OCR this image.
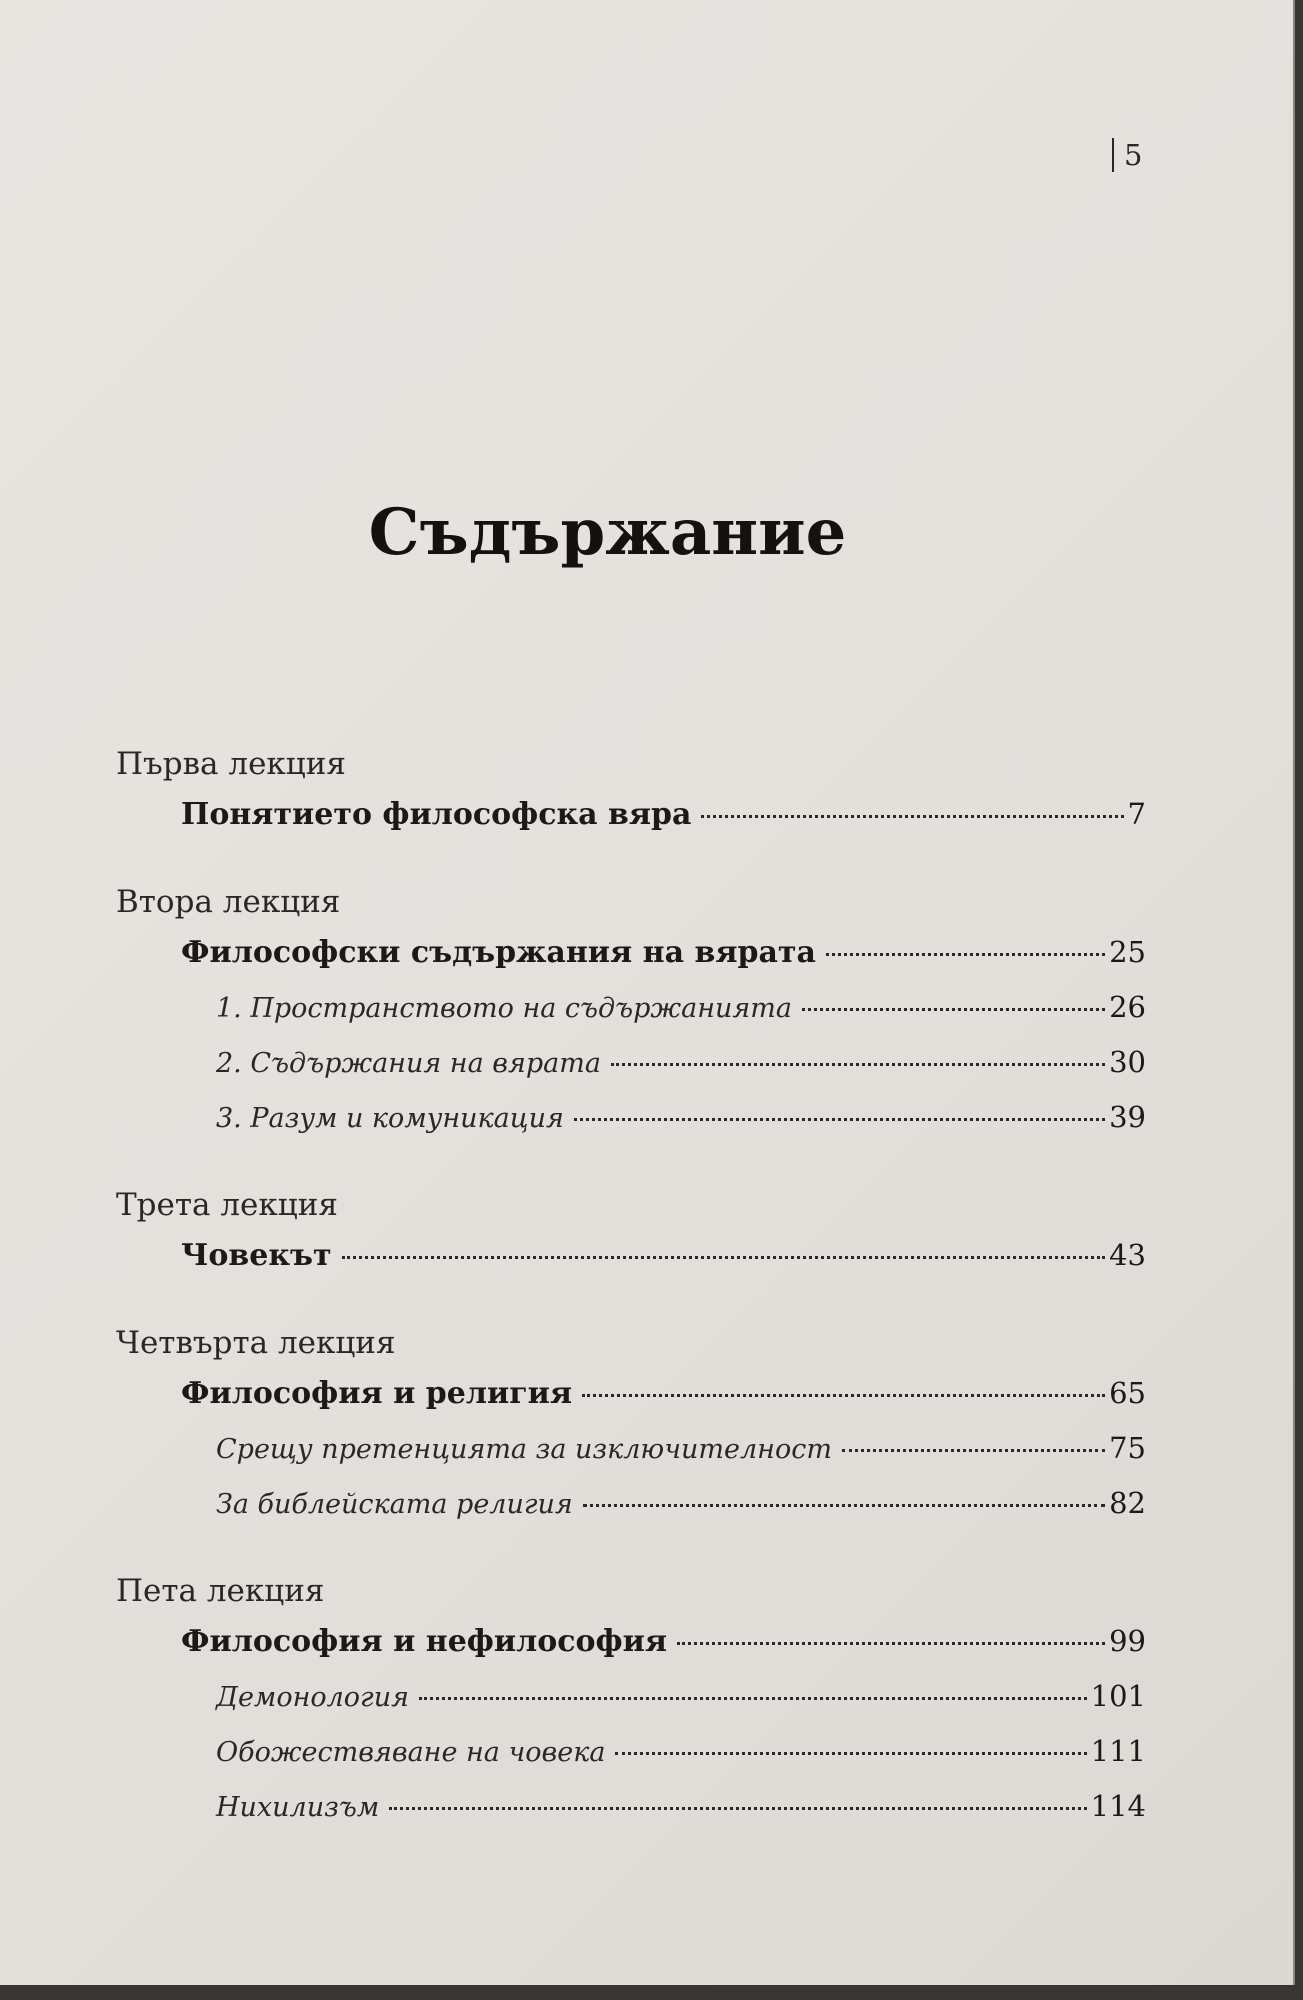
5
Съдържание
Първа лекция
Понятието философска вяра	7
Втора лекция
Философски съдържания на вярата	25
1. Пространството на съдържанията	26
2. Съдържания на вярата	30
3. Разум и комуникация	39
Трета лекция
Човекът	43
Четвърта лекция
Философия и религия	65
Срещу претенцията за изключителност	75
За библейската религия	82
Пета лекция
Философия и нефилософия	99
Демонология	101
Обожествяване на човека	111
Нихилизъм	114
